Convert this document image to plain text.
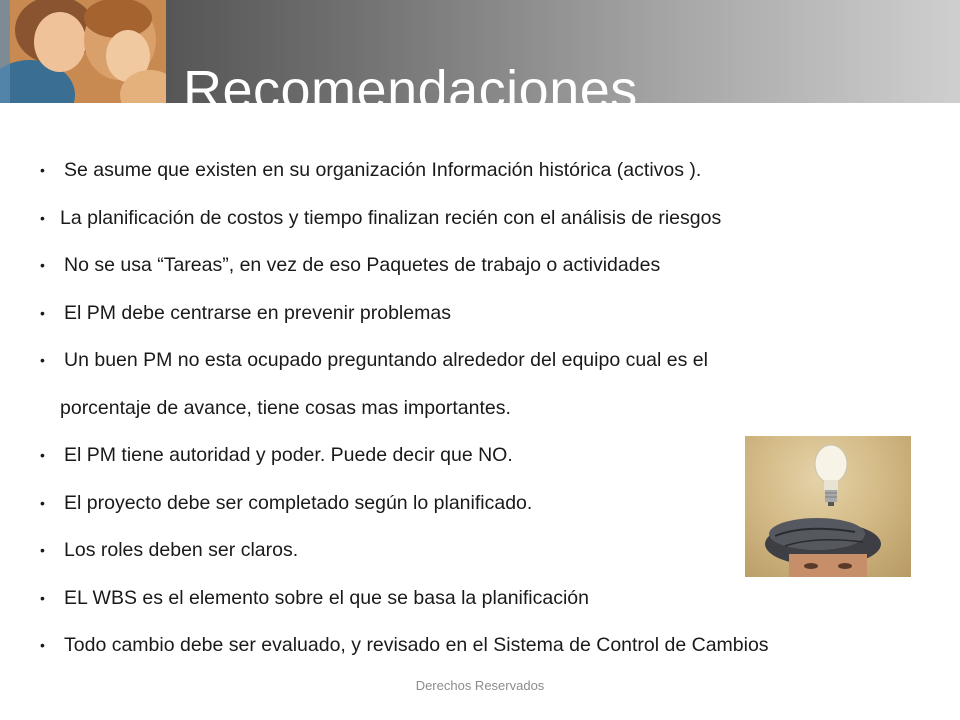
Recomendaciones
• Se asume que existen en su organización Información histórica (activos ).
• La planificación de costos y tiempo finalizan recién con el análisis de riesgos
• No se usa “Tareas”, en vez de eso Paquetes de trabajo o actividades
• El PM debe centrarse en prevenir problemas
• Un buen PM no esta ocupado preguntando alrededor del equipo cual es el
porcentaje de avance, tiene cosas mas importantes.
• El PM tiene autoridad y poder. Puede decir que NO.
• El proyecto debe ser completado según lo planificado.
• Los roles deben ser claros.
• EL WBS es el elemento sobre el que se basa la planificación
• Todo cambio debe ser evaluado, y revisado en el Sistema de Control de Cambios
Derechos Reservados
